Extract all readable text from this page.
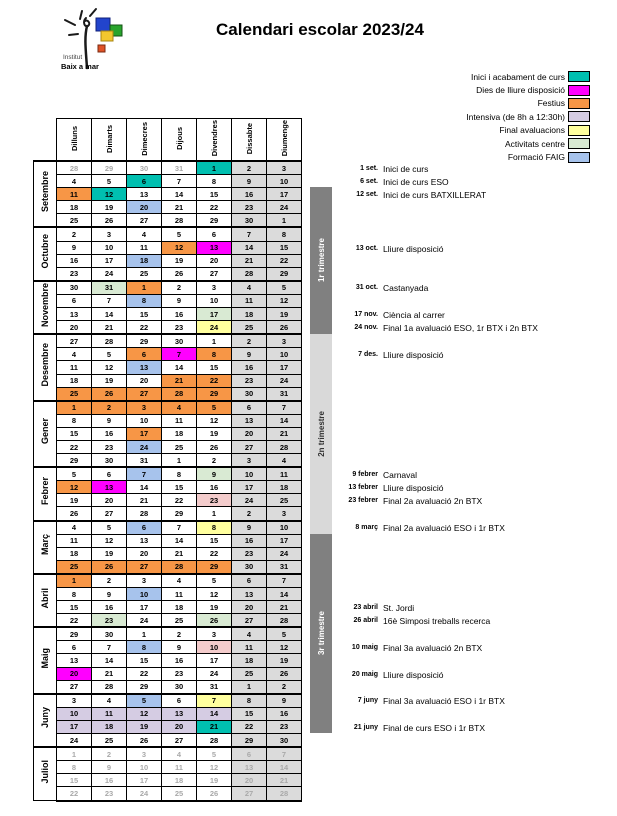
Institut
Baix a mar
Calendari escolar 2023/24
Inici i acabament de curs
Dies de lliure disposició
Festius
Intensiva (de 8h a 12:30h)
Final avaluacions
Activitats centre
Formació FAIG
	Dilluns	Dimarts	Dimecres	Dijous	Divendres	Dissabte	Diumenge
Setembre	28	29	30	31	1	2	3
	4	5	6	7	8	9	10
	11	12	13	14	15	16	17
	18	19	20	21	22	23	24
	25	26	27	28	29	30	1
Octubre	2	3	4	5	6	7	8
	9	10	11	12	13	14	15
	16	17	18	19	20	21	22
	23	24	25	26	27	28	29
Novembre	30	31	1	2	3	4	5
	6	7	8	9	10	11	12
	13	14	15	16	17	18	19
	20	21	22	23	24	25	26
Desembre	27	28	29	30	1	2	3
	4	5	6	7	8	9	10
	11	12	13	14	15	16	17
	18	19	20	21	22	23	24
	25	26	27	28	29	30	31
Gener	1	2	3	4	5	6	7
	8	9	10	11	12	13	14
	15	16	17	18	19	20	21
	22	23	24	25	26	27	28
	29	30	31	1	2	3	4
Febrer	5	6	7	8	9	10	11
	12	13	14	15	16	17	18
	19	20	21	22	23	24	25
	26	27	28	29	1	2	3
Març	4	5	6	7	8	9	10
	11	12	13	14	15	16	17
	18	19	20	21	22	23	24
	25	26	27	28	29	30	31
Abril	1	2	3	4	5	6	7
	8	9	10	11	12	13	14
	15	16	17	18	19	20	21
	22	23	24	25	26	27	28
Maig	29	30	1	2	3	4	5
	6	7	8	9	10	11	12
	13	14	15	16	17	18	19
	20	21	22	23	24	25	26
	27	28	29	30	31	1	2
Juny	3	4	5	6	7	8	9
	10	11	12	13	14	15	16
	17	18	19	20	21	22	23
	24	25	26	27	28	29	30
Juliol	1	2	3	4	5	6	7
	8	9	10	11	12	13	14
	15	16	17	18	19	20	21
	22	23	24	25	26	27	28
1r trimestre
2n trimestre
3r trimestre
1 set. Inici de curs
6 set. Inici de curs ESO
12 set. Inici de curs BATXILLERAT
13 oct. Lliure disposició
31 oct. Castanyada
17 nov. Ciència al carrer
24 nov. Final 1a avaluació ESO, 1r BTX i 2n BTX
7 des. Lliure disposició
9 febrer Carnaval
13 febrer Lliure disposició
23 febrer Final 2a avaluació 2n BTX
8 març Final 2a avaluació ESO i 1r BTX
23 abril St. Jordi
26 abril 16è Simposi treballs recerca
10 maig Final 3a avaluació 2n BTX
20 maig Lliure disposició
7 juny Final 3a avaluació ESO i 1r BTX
21 juny Final de curs ESO i 1r BTX
